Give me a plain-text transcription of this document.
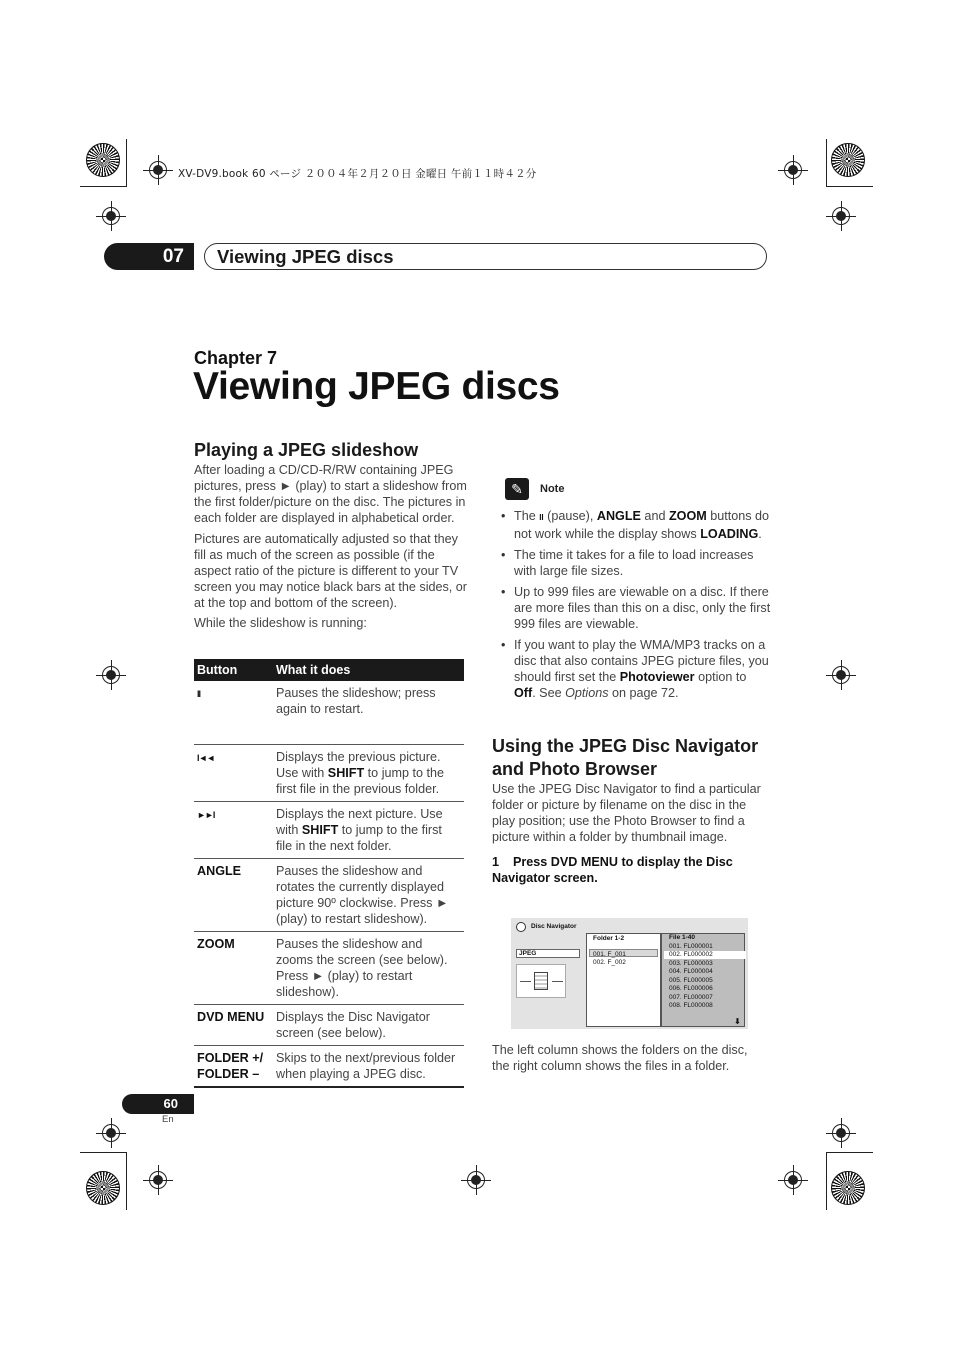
XV-DV9.book 60 ページ ２００４年２月２０日 金曜日 午前１１時４２分
07	Viewing JPEG discs
Chapter 7
Viewing JPEG discs
Playing a JPEG slideshow

After loading a CD/CD-R/RW containing JPEG pictures, press ► (play) to start a slideshow from the first folder/picture on the disc. The pictures in each folder are displayed in alphabetical order.

Pictures are automatically adjusted so that they fill as much of the screen as possible (if the aspect ratio of the picture is different to your TV screen you may notice black bars at the sides, or at the top and bottom of the screen).

While the slideshow is running:

Button	What it does
II	Pauses the slideshow; press again to restart.
I◄◄	Displays the previous picture. Use with SHIFT to jump to the first file in the previous folder.
►►I	Displays the next picture. Use with SHIFT to jump to the first file in the next folder.
ANGLE	Pauses the slideshow and rotates the currently displayed picture 90º clockwise. Press ► (play) to restart slideshow).
ZOOM	Pauses the slideshow and zooms the screen (see below). Press ► (play) to restart slideshow).
DVD MENU	Displays the Disc Navigator screen (see below).
FOLDER +/ FOLDER –	Skips to the next/previous folder when playing a JPEG disc.
✎	Note
• The II (pause), ANGLE and ZOOM buttons do not work while the display shows LOADING.
• The time it takes for a file to load increases with large file sizes.
• Up to 999 files are viewable on a disc. If there are more files than this on a disc, only the first 999 files are viewable.
• If you want to play the WMA/MP3 tracks on a disc that also contains JPEG picture files, you should first set the Photoviewer option to Off. See Options on page 72.
Using the JPEG Disc Navigator and Photo Browser

Use the JPEG Disc Navigator to find a particular folder or picture by filename on the disc in the play position; use the Photo Browser to find a picture within a folder by thumbnail image.

1    Press DVD MENU to display the Disc Navigator screen.

Disc Navigator
JPEG
Folder 1-2
001. F_001
002. F_002
File 1-40
001. FL000001
002. FL000002
003. FL000003
004. FL000004
005. FL000005
006. FL000006
007. FL000007
008. FL000008
⬇

The left column shows the folders on the disc, the right column shows the files in a folder.

60
En
